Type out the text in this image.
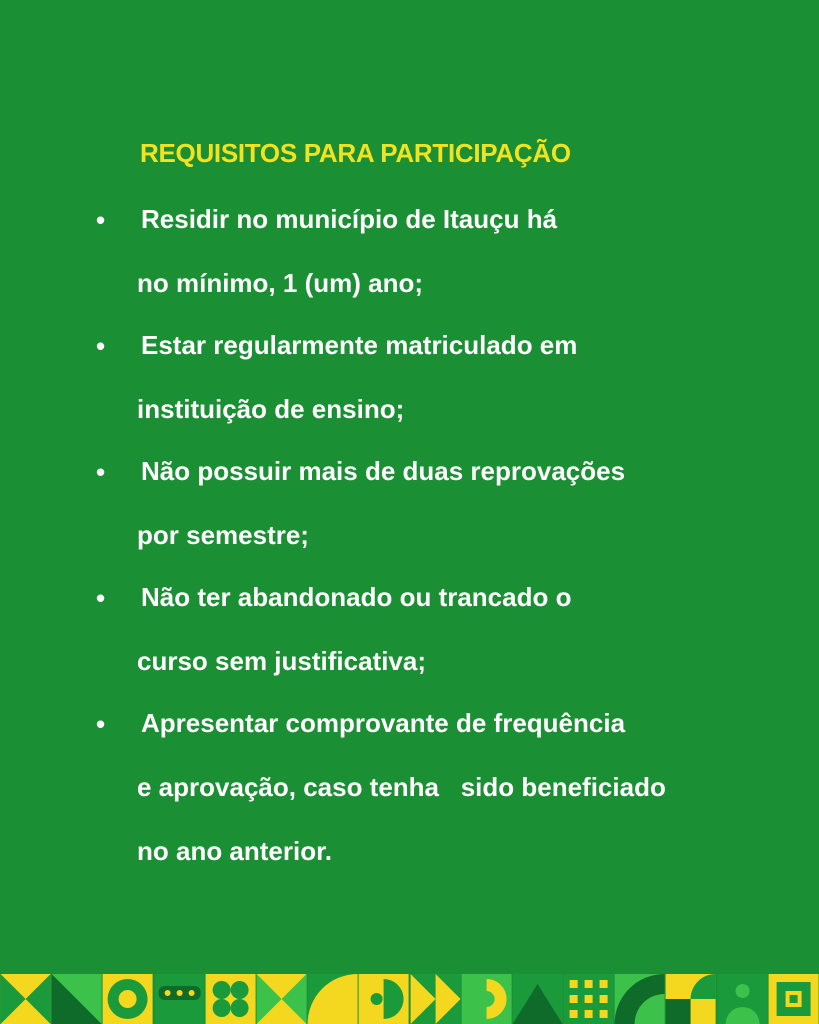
REQUISITOS PARA PARTICIPAÇÃO
• Residir no município de Itauçu há
no mínimo, 1 (um) ano;
• Estar regularmente matriculado em
instituição de ensino;
• Não possuir mais de duas reprovações
por semestre;
• Não ter abandonado ou trancado o
curso sem justificativa;
• Apresentar comprovante de frequência
e aprovação, caso tenha   sido beneficiado
no ano anterior.
